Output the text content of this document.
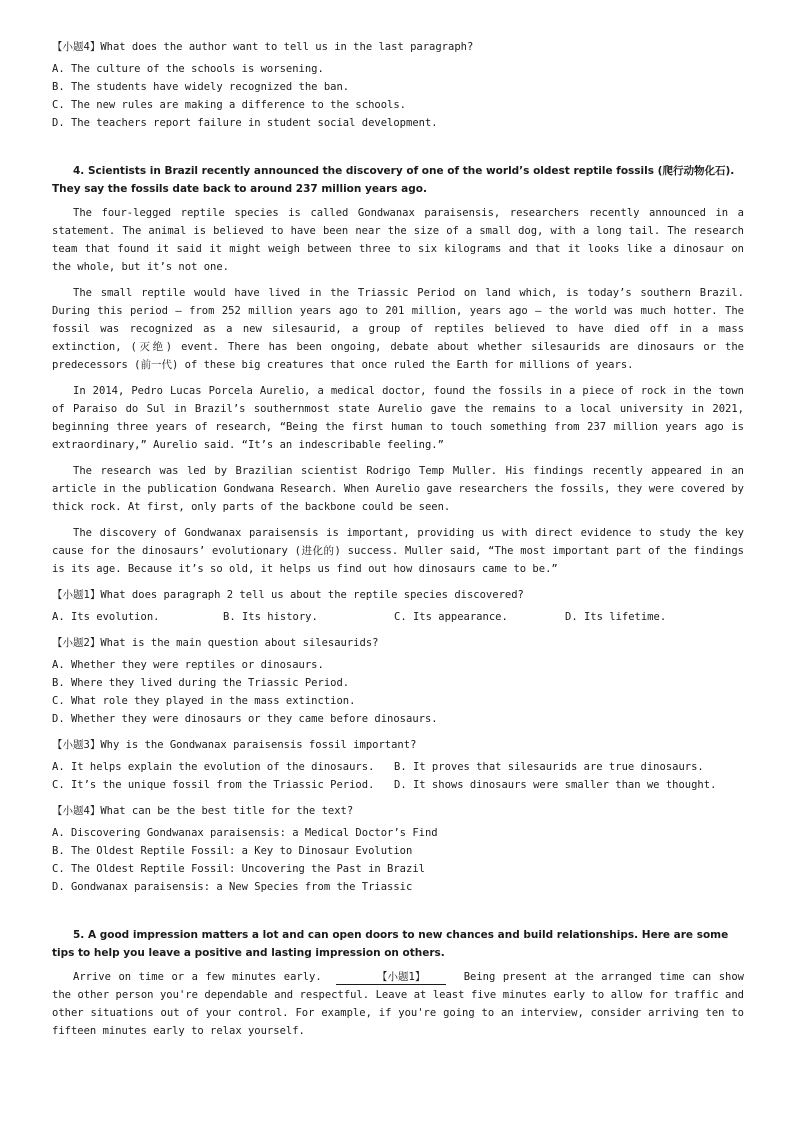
【小题4】What does the author want to tell us in the last paragraph?
A. The culture of the schools is worsening.
B. The students have widely recognized the ban.
C. The new rules are making a difference to the schools.
D. The teachers report failure in student social development.

4. Scientists in Brazil recently announced the discovery of one of the world’s oldest reptile fossils (爬行动物化石). They say the fossils date back to around 237 million years ago.

The four-legged reptile species is called Gondwanax paraisensis, researchers recently announced in a statement. The animal is believed to have been near the size of a small dog, with a long tail. The research team that found it said it might weigh between three to six kilograms and that it looks like a dinosaur on the whole, but it’s not one.

The small reptile would have lived in the Triassic Period on land which, is today’s southern Brazil. During this period — from 252 million years ago to 201 million, years ago — the world was much hotter. The fossil was recognized as a new silesaurid, a group of reptiles believed to have died off in a mass extinction, (灭绝) event. There has been ongoing, debate about whether silesaurids are dinosaurs or the predecessors (前一代) of these big creatures that once ruled the Earth for millions of years.

In 2014, Pedro Lucas Porcela Aurelio, a medical doctor, found the fossils in a piece of rock in the town of Paraiso do Sul in Brazil’s southernmost state Aurelio gave the remains to a local university in 2021, beginning three years of research, “Being the first human to touch something from 237 million years ago is extraordinary,” Aurelio said. “It’s an indescribable feeling.”

The research was led by Brazilian scientist Rodrigo Temp Muller. His findings recently appeared in an article in the publication Gondwana Research. When Aurelio gave researchers the fossils, they were covered by thick rock. At first, only parts of the backbone could be seen.

The discovery of Gondwanax paraisensis is important, providing us with direct evidence to study the key cause for the dinosaurs’ evolutionary (进化的) success. Muller said, “The most important part of the findings is its age. Because it’s so old, it helps us find out how dinosaurs came to be.”

【小题1】What does paragraph 2 tell us about the reptile species discovered?
A. Its evolution.	B. Its history.	C. Its appearance.	D. Its lifetime.
【小题2】What is the main question about silesaurids?
A. Whether they were reptiles or dinosaurs.
B. Where they lived during the Triassic Period.
C. What role they played in the mass extinction.
D. Whether they were dinosaurs or they came before dinosaurs.
【小题3】Why is the Gondwanax paraisensis fossil important?
A. It helps explain the evolution of the dinosaurs.	B. It proves that silesaurids are true dinosaurs.
C. It’s the unique fossil from the Triassic Period.	D. It shows dinosaurs were smaller than we thought.
【小题4】What can be the best title for the text?
A. Discovering Gondwanax paraisensis: a Medical Doctor’s Find
B. The Oldest Reptile Fossil: a Key to Dinosaur Evolution
C. The Oldest Reptile Fossil: Uncovering the Past in Brazil
D. Gondwanax paraisensis: a New Species from the Triassic

5. A good impression matters a lot and can open doors to new chances and build relationships. Here are some tips to help you leave a positive and lasting impression on others.

Arrive on time or a few minutes early.	【小题1】	Being present at the arranged time can show the other person you're dependable and respectful. Leave at least five minutes early to allow for traffic and other situations out of your control. For example, if you're going to an interview, consider arriving ten to fifteen minutes early to relax yourself.
